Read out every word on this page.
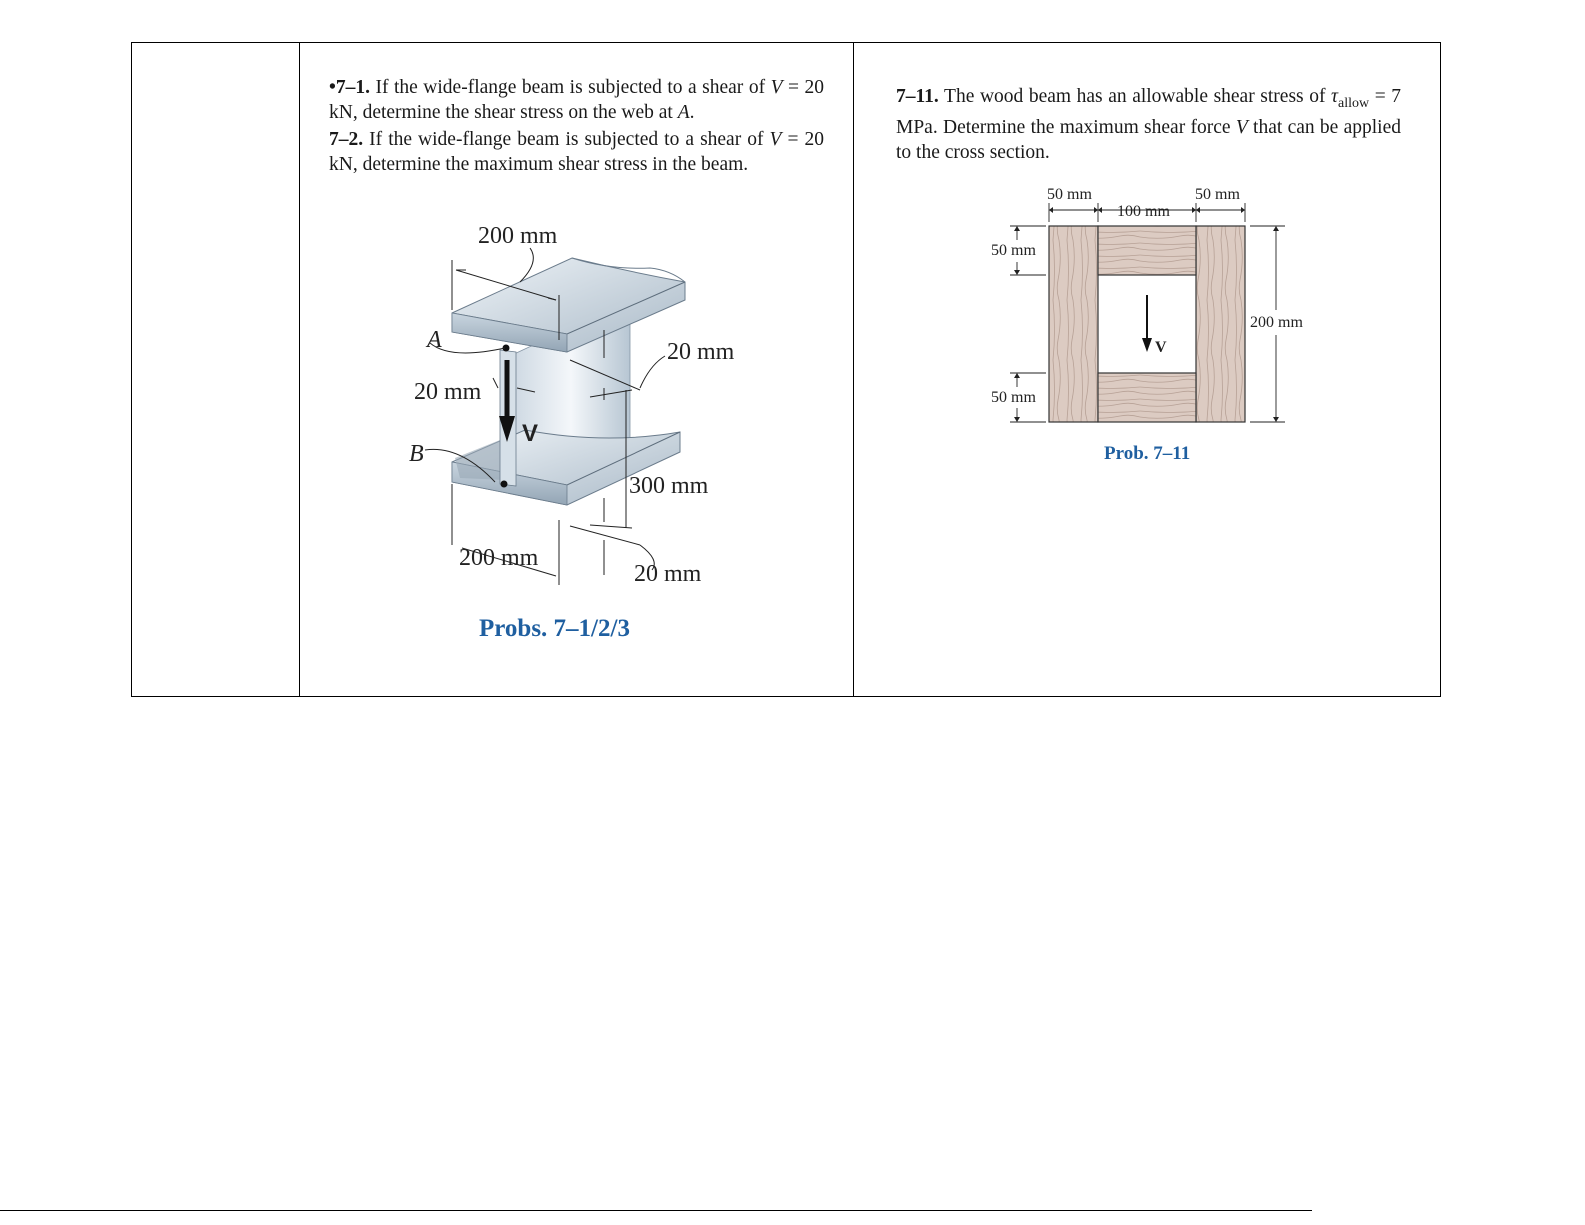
•7–1. If the wide-flange beam is subjected to a shear of V = 20 kN, determine the shear stress on the web at A.

7–2. If the wide-flange beam is subjected to a shear of V = 20 kN, determine the maximum shear stress in the beam.

200 mm
20 mm
20 mm
300 mm
200 mm
20 mm
A
B
V
Probs. 7–1/2/3

7–11. The wood beam has an allowable shear stress of $\tau_{allow} = 7$ MPa. Determine the maximum shear force V that can be applied to the cross section.

50 mm	50 mm
100 mm
50 mm
50 mm
200 mm
V
Prob. 7–11
